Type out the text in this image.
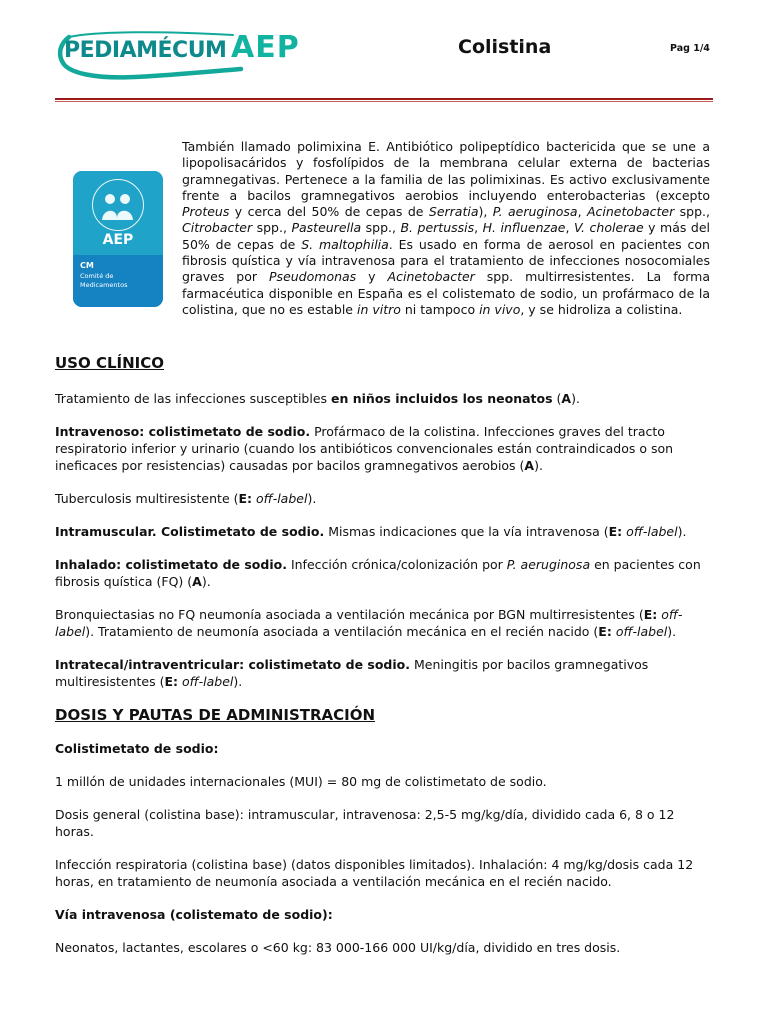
PEDIAMÉCUM AEP	Colistina	Pag 1/4
AEP
CM
Comité de Medicamentos

También llamado polimixina E. Antibiótico polipeptídico bactericida que se une a lipopolisacáridos y fosfolípidos de la membrana celular externa de bacterias gramnegativas. Pertenece a la familia de las polimixinas. Es activo exclusivamente frente a bacilos gramnegativos aerobios incluyendo enterobacterias (excepto Proteus y cerca del 50% de cepas de Serratia), P. aeruginosa, Acinetobacter spp., Citrobacter spp., Pasteurella spp., B. pertussis, H. influenzae, V. cholerae y más del 50% de cepas de S. maltophilia. Es usado en forma de aerosol en pacientes con fibrosis quística y vía intravenosa para el tratamiento de infecciones nosocomiales graves por Pseudomonas y Acinetobacter spp. multirresistentes. La forma farmacéutica disponible en España es el colistemato de sodio, un profármaco de la colistina, que no es estable in vitro ni tampoco in vivo, y se hidroliza a colistina.

USO CLÍNICO

Tratamiento de las infecciones susceptibles en niños incluidos los neonatos (A).

Intravenoso: colistimetato de sodio. Profármaco de la colistina. Infecciones graves del tracto respiratorio inferior y urinario (cuando los antibióticos convencionales están contraindicados o son ineficaces por resistencias) causadas por bacilos gramnegativos aerobios (A).

Tuberculosis multiresistente (E: off-label).

Intramuscular. Colistimetato de sodio. Mismas indicaciones que la vía intravenosa (E: off-label).

Inhalado: colistimetato de sodio. Infección crónica/colonización por P. aeruginosa en pacientes con fibrosis quística (FQ) (A).

Bronquiectasias no FQ neumonía asociada a ventilación mecánica por BGN multirresistentes (E: off-label). Tratamiento de neumonía asociada a ventilación mecánica en el recién nacido (E: off-label).

Intratecal/intraventricular: colistimetato de sodio. Meningitis por bacilos gramnegativos multiresistentes (E: off-label).

DOSIS Y PAUTAS DE ADMINISTRACIÓN

Colistimetato de sodio:

1 millón de unidades internacionales (MUI) = 80 mg de colistimetato de sodio.

Dosis general (colistina base): intramuscular, intravenosa: 2,5-5 mg/kg/día, dividido cada 6, 8 o 12 horas.

Infección respiratoria (colistina base) (datos disponibles limitados). Inhalación: 4 mg/kg/dosis cada 12 horas, en tratamiento de neumonía asociada a ventilación mecánica en el recién nacido.

Vía intravenosa (colistemato de sodio):

Neonatos, lactantes, escolares o <60 kg: 83 000-166 000 UI/kg/día, dividido en tres dosis.
